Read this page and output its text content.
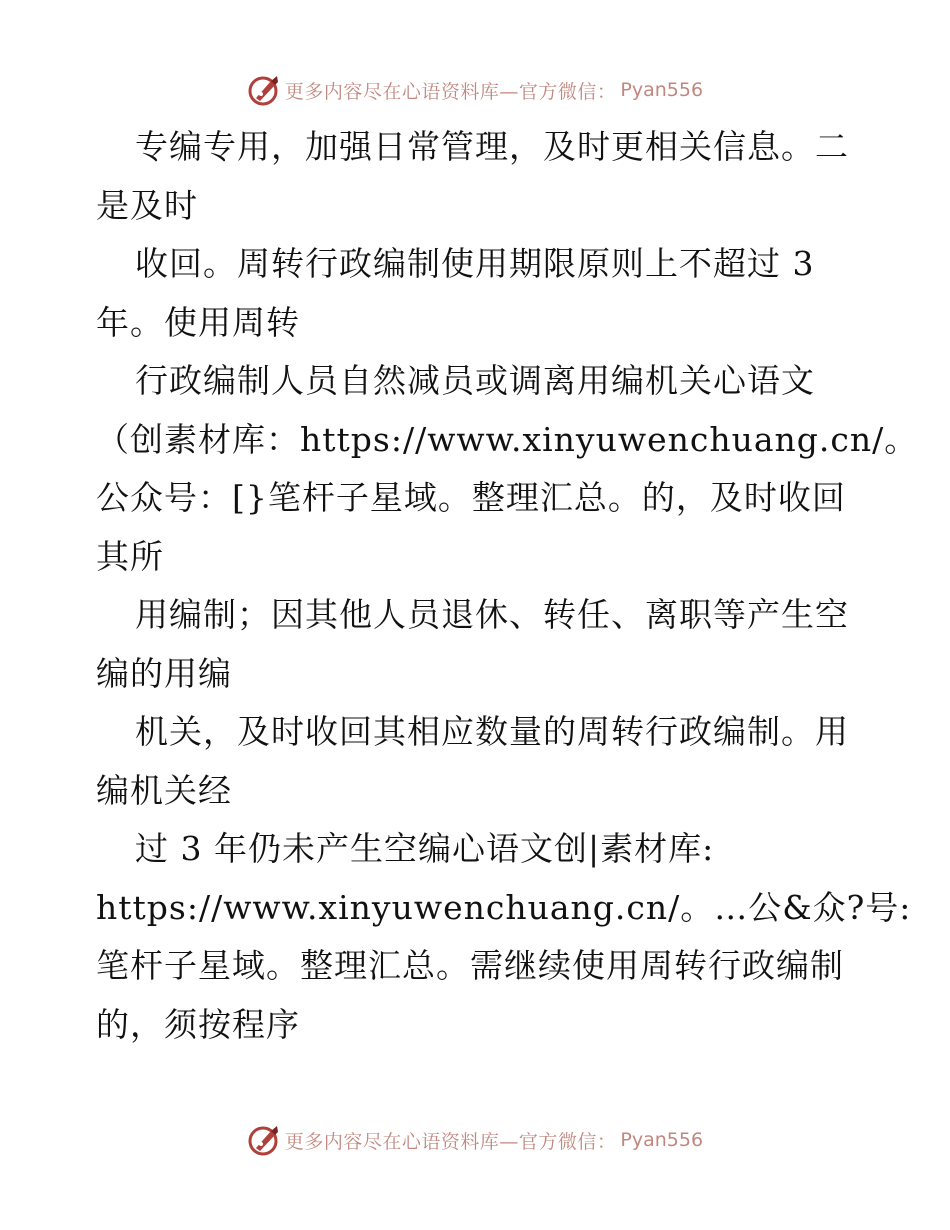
更多内容尽在心语资料库—官方微信： Pyan556
专编专用，加强日常管理，及时更相关信息。二
是及时
收回。周转行政编制使用期限原则上不超过 3
年。使用周转
行政编制人员自然减员或调离用编机关心语文
（创素材库：https://www.xinyuwenchuang.cn/。
公众号：[}笔杆子星域。整理汇总。的，及时收回
其所
用编制；因其他人员退休、转任、离职等产生空
编的用编
机关，及时收回其相应数量的周转行政编制。用
编机关经
过 3 年仍未产生空编心语文创|素材库:
https://www.xinyuwenchuang.cn/。…公&众?号:
笔杆子星域。整理汇总。需继续使用周转行政编制
的，须按程序
更多内容尽在心语资料库—官方微信： Pyan556
